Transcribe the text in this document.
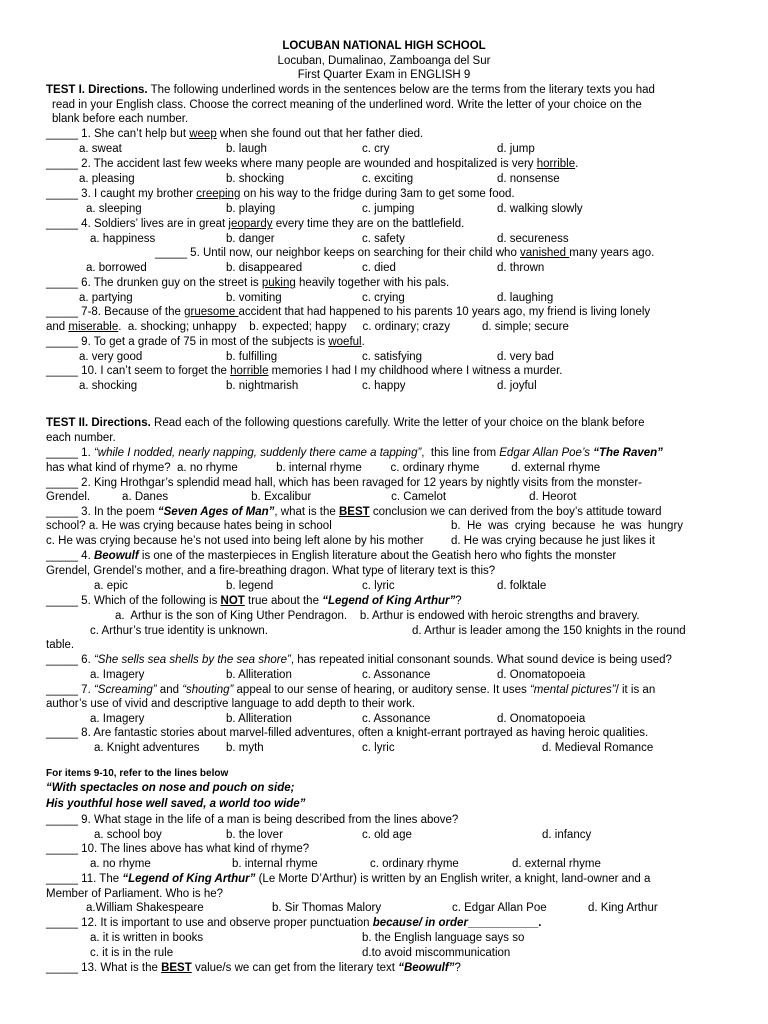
LOCUBAN NATIONAL HIGH SCHOOL
Locuban, Dumalinao, Zamboanga del Sur
First Quarter Exam in ENGLISH 9
TEST I. Directions. The following underlined words in the sentences below are the terms from the literary texts you had
read in your English class. Choose the correct meaning of the underlined word. Write the letter of your choice on the
blank before each number.
_____ 1. She can’t help but weep when she found out that her father died.
a. sweat	b. laugh	c. cry	d. jump
_____ 2. The accident last few weeks where many people are wounded and hospitalized is very horrible.
a. pleasing	b. shocking	c. exciting	d. nonsense
_____ 3. I caught my brother creeping on his way to the fridge during 3am to get some food.
a. sleeping	b. playing	c. jumping	d. walking slowly
_____ 4. Soldiers’ lives are in great jeopardy every time they are on the battlefield.
a. happiness	b. danger	c. safety	d. secureness
_____ 5. Until now, our neighbor keeps on searching for their child who vanished many years ago.
a. borrowed	b. disappeared	c. died	d. thrown
_____ 6. The drunken guy on the street is puking heavily together with his pals.
a. partying	b. vomiting	c. crying	d. laughing
_____ 7-8. Because of the gruesome accident that had happened to his parents 10 years ago, my friend is living lonely
and miserable.  a. shocking; unhappy    b. expected; happy     c. ordinary; crazy          d. simple; secure
_____ 9. To get a grade of 75 in most of the subjects is woeful.
a. very good	b. fulfilling	c. satisfying	d. very bad
_____ 10. I can’t seem to forget the horrible memories I had I my childhood where I witness a murder.
a. shocking	b. nightmarish	c. happy	d. joyful
TEST II. Directions. Read each of the following questions carefully. Write the letter of your choice on the blank before
each number.
_____ 1. “while I nodded, nearly napping, suddenly there came a tapping”,  this line from Edgar Allan Poe’s “The Raven”
has what kind of rhyme?  a. no rhyme            b. internal rhyme         c. ordinary rhyme          d. external rhyme
_____ 2. King Hrothgar’s splendid mead hall, which has been ravaged for 12 years by nightly visits from the monster-
Grendel.          a. Danes                          b. Excalibur                         c. Camelot                          d. Heorot
_____ 3. In the poem “Seven Ages of Man”, what is the BEST conclusion we can derived from the boy’s attitude toward
school? a. He was crying because hates being in school	b.  He  was  crying  because  he  was  hungry
c. He was crying because he’s not used into being left alone by his mother d. He was crying because he just likes it
_____ 4. Beowulf is one of the masterpieces in English literature about the Geatish hero who fights the monster
Grendel, Grendel’s mother, and a fire-breathing dragon. What type of literary text is this?
a. epic	b. legend	c. lyric	d. folktale
_____ 5. Which of the following is NOT true about the “Legend of King Arthur”?
a.  Arthur is the son of King Uther Pendragon.    b. Arthur is endowed with heroic strengths and bravery.
c. Arthur’s true identity is unknown.	d. Arthur is leader among the 150 knights in the round
table.
_____ 6. “She sells sea shells by the sea shore”, has repeated initial consonant sounds. What sound device is being used?
a. Imagery	b. Alliteration	c. Assonance	d. Onomatopoeia
_____ 7. “Screaming” and “shouting” appeal to our sense of hearing, or auditory sense. It uses “mental pictures”/ it is an
author’s use of vivid and descriptive language to add depth to their work.
a. Imagery	b. Alliteration	c. Assonance	d. Onomatopoeia
_____ 8. Are fantastic stories about marvel-filled adventures, often a knight-errant portrayed as having heroic qualities.
a. Knight adventures b. myth	c. lyric	d. Medieval Romance
For items 9-10, refer to the lines below
“With spectacles on nose and pouch on side;
His youthful hose well saved, a world too wide”
_____ 9. What stage in the life of a man is being described from the lines above?
a. school boy	b. the lover	c. old age	d. infancy
_____ 10. The lines above has what kind of rhyme?
a. no rhyme	b. internal rhyme	c. ordinary rhyme	d. external rhyme
_____ 11. The “Legend of King Arthur” (Le Morte D’Arthur) is written by an English writer, a knight, land-owner and a
Member of Parliament. Who is he?
a.William Shakespeare	b. Sir Thomas Malory	c. Edgar Allan Poe	d. King Arthur
_____ 12. It is important to use and observe proper punctuation because/ in order___________.
a. it is written in books	b. the English language says so
c. it is in the rule	d.to avoid miscommunication
_____ 13. What is the BEST value/s we can get from the literary text “Beowulf”?
